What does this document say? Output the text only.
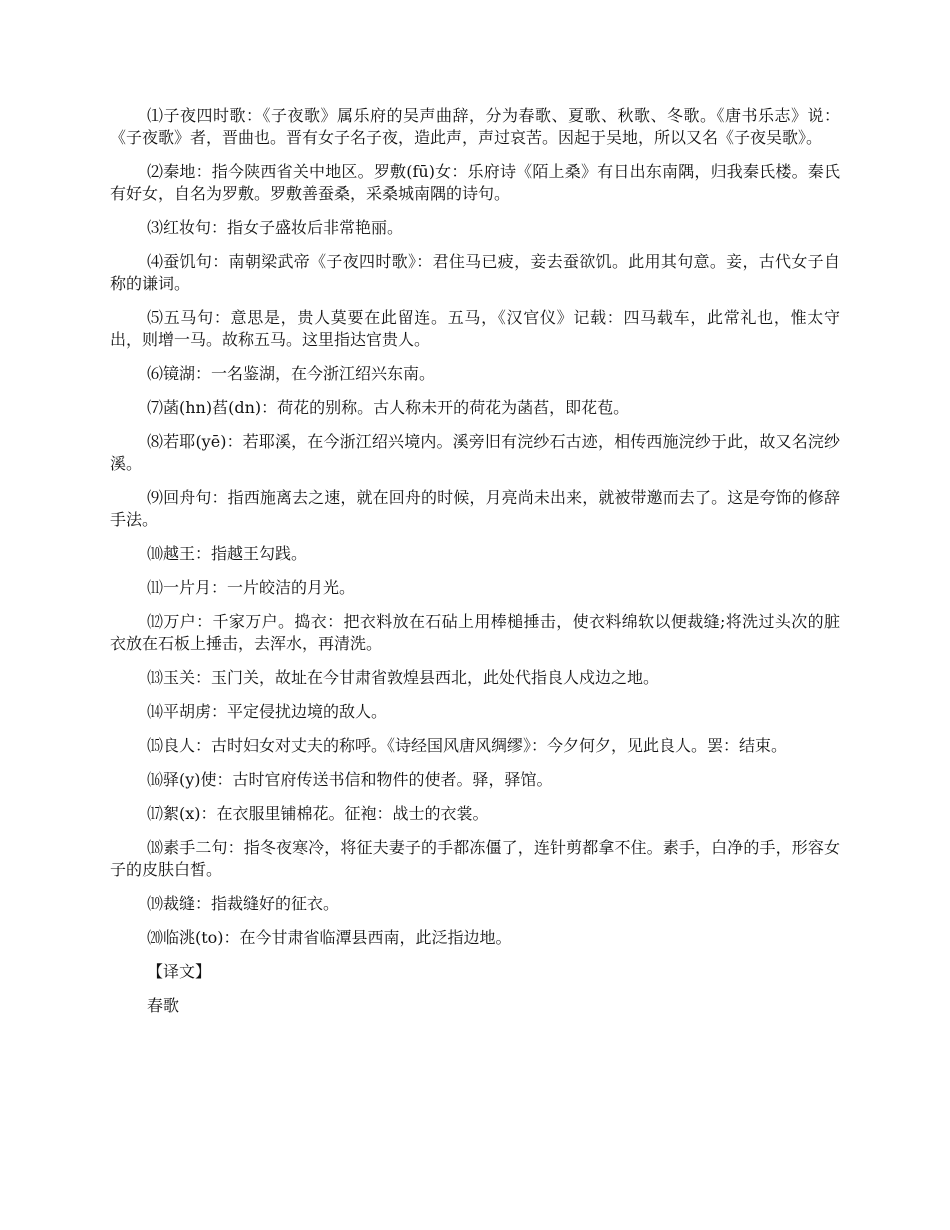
⑴子夜四时歌：《子夜歌》属乐府的吴声曲辞，分为春歌、夏歌、秋歌、冬歌。《唐书乐志》说：《子夜歌》者，晋曲也。晋有女子名子夜，造此声，声过哀苦。因起于吴地，所以又名《子夜吴歌》。

⑵秦地：指今陕西省关中地区。罗敷(fū)女：乐府诗《陌上桑》有日出东南隅，归我秦氏楼。秦氏有好女，自名为罗敷。罗敷善蚕桑，采桑城南隅的诗句。

⑶红妆句：指女子盛妆后非常艳丽。

⑷蚕饥句：南朝梁武帝《子夜四时歌》：君住马已疲，妾去蚕欲饥。此用其句意。妾，古代女子自称的谦词。

⑸五马句：意思是，贵人莫要在此留连。五马，《汉官仪》记载：四马载车，此常礼也，惟太守出，则增一马。故称五马。这里指达官贵人。

⑹镜湖：一名鉴湖，在今浙江绍兴东南。

⑺菡(hn)萏(dn)：荷花的别称。古人称未开的荷花为菡萏，即花苞。

⑻若耶(yē)：若耶溪，在今浙江绍兴境内。溪旁旧有浣纱石古迹，相传西施浣纱于此，故又名浣纱溪。

⑼回舟句：指西施离去之速，就在回舟的时候，月亮尚未出来，就被带邀而去了。这是夸饰的修辞手法。

⑽越王：指越王勾践。

⑾一片月：一片皎洁的月光。

⑿万户：千家万户。捣衣：把衣料放在石砧上用棒槌捶击，使衣料绵软以便裁缝;将洗过头次的脏衣放在石板上捶击，去浑水，再清洗。

⒀玉关：玉门关，故址在今甘肃省敦煌县西北，此处代指良人戍边之地。

⒁平胡虏：平定侵扰边境的敌人。

⒂良人：古时妇女对丈夫的称呼。《诗经国风唐风绸缪》：今夕何夕，见此良人。罢：结束。

⒃驿(y)使：古时官府传送书信和物件的使者。驿，驿馆。

⒄絮(x)：在衣服里铺棉花。征袍：战士的衣裳。

⒅素手二句：指冬夜寒冷，将征夫妻子的手都冻僵了，连针剪都拿不住。素手，白净的手，形容女子的皮肤白皙。

⒆裁缝：指裁缝好的征衣。

⒇临洮(to)：在今甘肃省临潭县西南，此泛指边地。

【译文】

春歌
